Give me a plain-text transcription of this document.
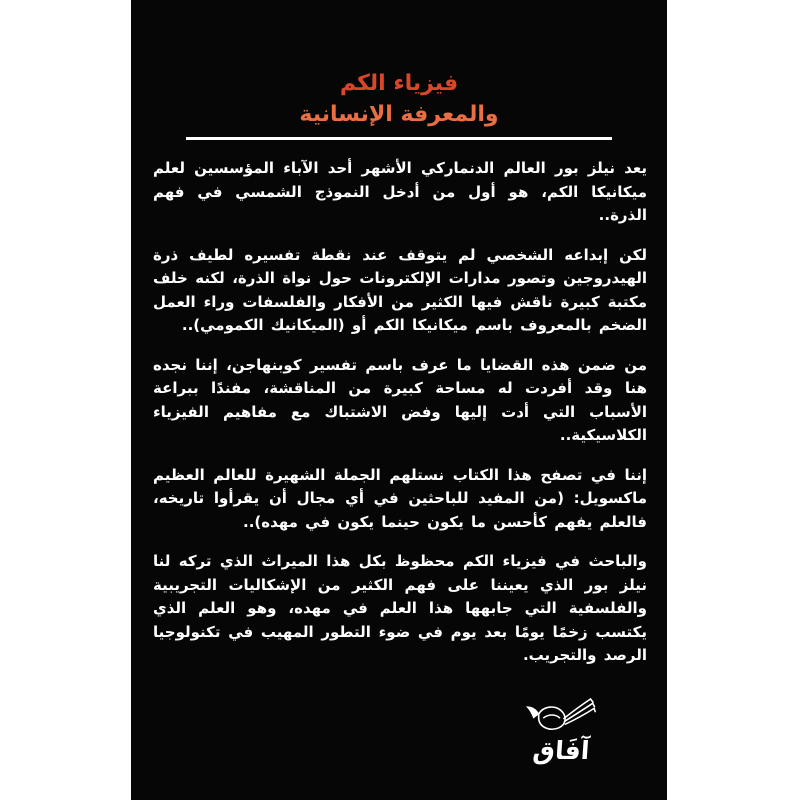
فيزياء الكم
والمعرفة الإنسانية

يعد نيلز بور العالم الدنماركي الأشهر أحد الآباء المؤسسين لعلم ميكانيكا الكم، هو أول من أدخل النموذج الشمسي في فهم الذرة..

لكن إبداعه الشخصي لم يتوقف عند نقطة تفسيره لطيف ذرة الهيدروجين وتصور مدارات الإلكترونات حول نواة الذرة، لكنه خلف مكتبة كبيرة ناقش فيها الكثير من الأفكار والفلسفات وراء العمل الضخم بالمعروف باسم ميكانيكا الكم أو (الميكانيك الكمومي)..

من ضمن هذه القضايا ما عرف باسم تفسير كوبنهاجن، إننا نجده هنا وقد أفردت له مساحة كبيرة من المناقشة، مفندًا ببراعة الأسباب التي أدت إليها وفض الاشتباك مع مفاهيم الفيزياء الكلاسيكية..

إننا في تصفح هذا الكتاب نستلهم الجملة الشهيرة للعالم العظيم ماكسويل: (من المفيد للباحثين في أي مجال أن يقرأوا تاريخه، فالعلم يفهم كأحسن ما يكون حينما يكون في مهده)..

والباحث في فيزياء الكم محظوظ بكل هذا الميراث الذي تركه لنا نيلز بور الذي يعيننا على فهم الكثير من الإشكاليات التجريبية والفلسفية التي جابهها هذا العلم في مهده، وهو العلم الذي يكتسب زخمًا يومًا بعد يوم في ضوء التطور المهيب في تكنولوجيا الرصد والتجريب.

آفَاق
